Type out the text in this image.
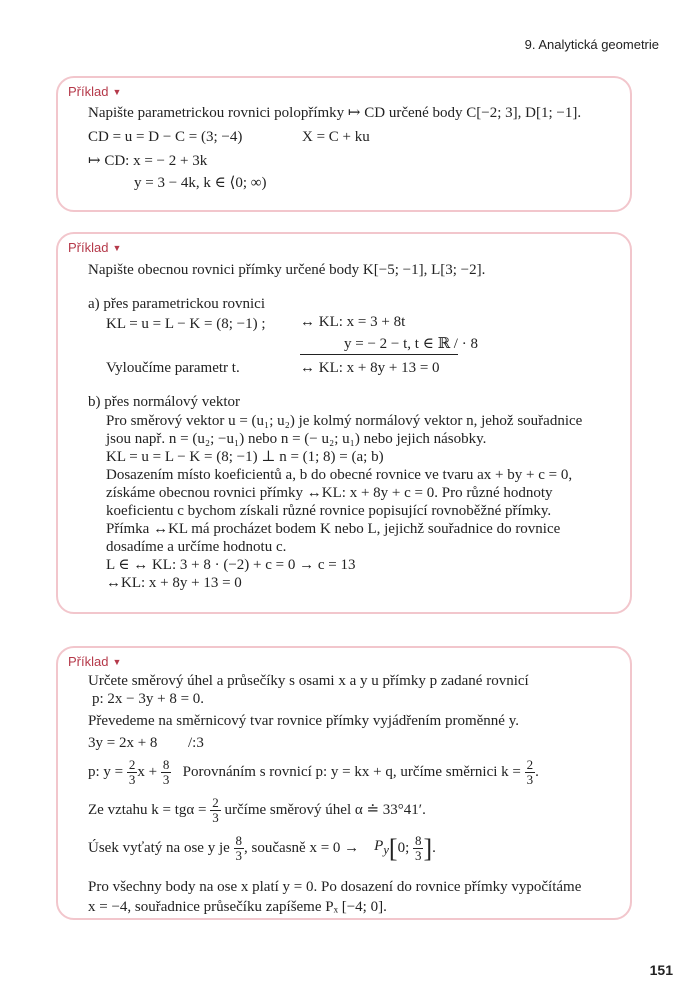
9. Analytická geometrie
Příklad ▼
Napište parametrickou rovnici polopřímky ↦ CD určené body C[−2; 3], D[1; −1].
CD = u = D − C = (3; −4)	X = C + ku
↦ CD: x = − 2 + 3k
y = 3 − 4k, k ∈ ⟨0; ∞)
Příklad ▼
Napište obecnou rovnici přímky určené body K[−5; −1], L[3; −2].
a) přes parametrickou rovnici
KL = u = L − K = (8; −1) ; ↔ KL: x = 3 + 8t
y = − 2 − t, t ∈ ℝ / · 8
Vyloučíme parametr t.	↔ KL: x + 8y + 13 = 0
b) přes normálový vektor
Pro směrový vektor u = (u₁; u₂) je kolmý normálový vektor n, jehož souřadnice
jsou např. n = (u₂; −u₁) nebo n = (− u₂; u₁) nebo jejich násobky.
KL = u = L − K = (8; −1) ⊥ n = (1; 8) = (a; b)
Dosazením místo koeficientů a, b do obecné rovnice ve tvaru ax + by + c = 0,
získáme obecnou rovnici přímky ↔KL: x + 8y + c = 0. Pro různé hodnoty
koeficientu c bychom získali různé rovnice popisující rovnoběžné přímky.
Přímka ↔KL má procházet bodem K nebo L, jejichž souřadnice do rovnice
dosadíme a určíme hodnotu c.
L ∈ ↔ KL: 3 + 8 · (−2) + c = 0 → c = 13
↔KL: x + 8y + 13 = 0
Příklad ▼
Určete směrový úhel a průsečíky s osami x a y u přímky p zadané rovnicí
p: 2x − 3y + 8 = 0.
Převedeme na směrnicový tvar rovnice přímky vyjádřením proměnné y.
3y = 2x + 8 /:3
p: y =
$\frac{2}{3}$ x +
$\frac{8}{3}$
Porovnáním s rovnicí p: y = kx + q, určíme směrnici k =
$\frac{2}{3}$ .
Ze vztahu k = tgα =
$\frac{2}{3}$
určíme směrový úhel α ≐ 33°41′.
Úsek vyťatý na ose y je
$\frac{8}{3}$ , současně x = 0 →
$P_y$ [ 0;
$\frac{8}{3}$ ] .
Pro všechny body na ose x platí y = 0. Po dosazení do rovnice přímky vypočítáme
x = −4, souřadnice průsečíku zapíšeme Pₓ [−4; 0].
151
